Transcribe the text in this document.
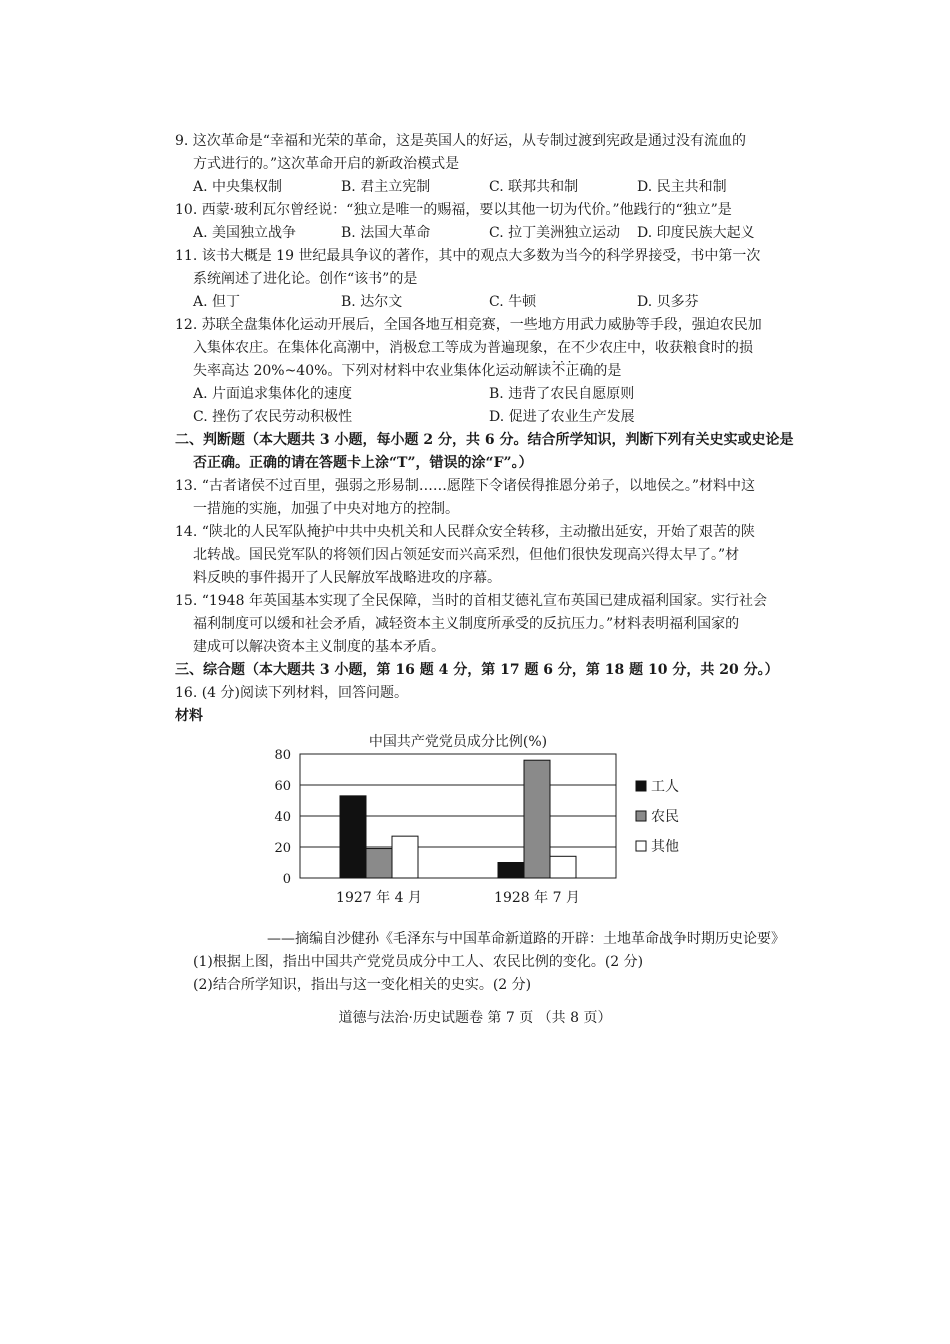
9. 这次革命是“幸福和光荣的革命，这是英国人的好运，从专制过渡到宪政是通过没有流血的
方式进行的。”这次革命开启的新政治模式是
A. 中央集权制	B. 君主立宪制	C. 联邦共和制	D. 民主共和制
10. 西蒙·玻利瓦尔曾经说：“独立是唯一的赐福，要以其他一切为代价。”他践行的“独立”是
A. 美国独立战争	B. 法国大革命	C. 拉丁美洲独立运动	D. 印度民族大起义
11. 该书大概是 19 世纪最具争议的著作，其中的观点大多数为当今的科学界接受，书中第一次
系统阐述了进化论。创作“该书”的是
A. 但丁	B. 达尔文	C. 牛顿	D. 贝多芬
12. 苏联全盘集体化运动开展后，全国各地互相竞赛，一些地方用武力威胁等手段，强迫农民加
入集体农庄。在集体化高潮中，消极怠工等成为普遍现象，在不少农庄中，收获粮食时的损
失率高达 20%~40%。下列对材料中农业集体化运动解读· · · 不正确的是
A. 片面追求集体化的速度	B. 违背了农民自愿原则
C. 挫伤了农民劳动积极性	D. 促进了农业生产发展
二、判断题（本大题共 3 小题，每小题 2 分，共 6 分。结合所学知识，判断下列有关史实或史论是
否正确。正确的请在答题卡上涂“T”，错误的涂“F”。）
13. “古者诸侯不过百里，强弱之形易制……愿陛下令诸侯得推恩分弟子，以地侯之。”材料中这
一措施的实施，加强了中央对地方的控制。
14. “陕北的人民军队掩护中共中央机关和人民群众安全转移，主动撤出延安，开始了艰苦的陕
北转战。国民党军队的将领们因占领延安而兴高采烈，但他们很快发现高兴得太早了。”材
料反映的事件揭开了人民解放军战略进攻的序幕。
15. “1948 年英国基本实现了全民保障，当时的首相艾德礼宣布英国已建成福利国家。实行社会
福利制度可以缓和社会矛盾，减轻资本主义制度所承受的反抗压力。”材料表明福利国家的
建成可以解决资本主义制度的基本矛盾。
三、综合题（本大题共 3 小题，第 16 题 4 分，第 17 题 6 分，第 18 题 10 分，共 20 分。）
16. (4 分)阅读下列材料，回答问题。
材料
中国共产党党员成分比例(%)
0
20
40
60
80
1927 年 4 月	1928 年 7 月
工人
农民
其他
——摘编自沙健孙《毛泽东与中国革命新道路的开辟：土地革命战争时期历史论要》
(1)根据上图，指出中国共产党党员成分中工人、农民比例的变化。(2 分)
(2)结合所学知识，指出与这一变化相关的史实。(2 分)
道德与法治·历史试题卷 第 7 页 （共 8 页）
